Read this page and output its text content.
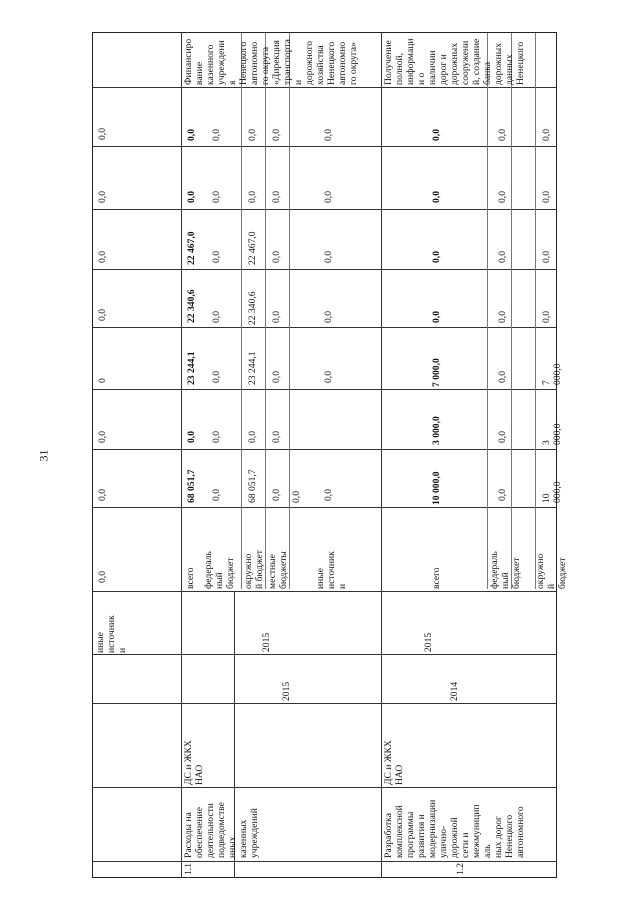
31
иные
источник
и
0,0
0,0
0,0
0
0,0
0,0
0,0
0,0
1.1
Расходы на
обеспечение
деятельности
подведомстве
нных
казенных
учреждений
ДС и ЖКХ
НАО
2015
2015
Финансиро
вание
казенного
учреждени
я
Ненецкого
автономно
го округа
«Дирекция
транспорта
и
дорожного
хозяйства
Ненецкого
автономно
го округа»
всего
68 051,7
0,0
23 244,1
22 340,6
22 467,0
0,0
0,0
федераль
ный
бюджет
0,0
0,0
0,0
0,0
0,0
0,0
0,0
окружно
й бюджет
68 051,7
0,0
23 244,1
22 340,6
22 467,0
0,0
0,0
местные
бюджеты
0,0
0,0
0,0
0,0
0,0
0,0
0,0
0,0
иные
источник
и
0,0
0,0
0,0
0,0
0,0
0,0
1.2
Разработка
комплексной
программы
развития и
модернизации
улично-
дорожной
сети и
межмуницип
аль
ных дорог
Ненецкого
автономного
ДС и ЖКХ
НАО
2014
2015
Получение
полной,
информаци
и о
наличии
дорог и
дорожных
сооружени
й, создание
банка
дорожных
данных
Ненецкого
всего
10 000,0
3 000,0
7 000,0
0,0
0,0
0,0
0,0
федераль
ный
бюджет
0,0
0,0
0,0
0,0
0,0
0,0
0,0
окружно
й бюджет
10 000,0
3 000,0
7 000,0
0,0
0,0
0,0
0,0
